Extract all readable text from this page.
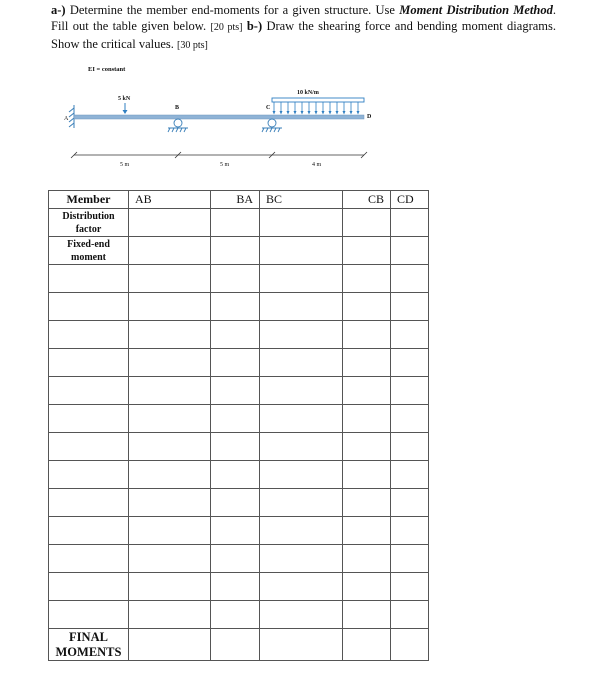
a-) Determine the member end-moments for a given structure. Use Moment Distribution Method. Fill out the table given below. [20 pts] b-) Draw the shearing force and bending moment diagrams. Show the critical values. [30 pts]
EI = constant
A
5 kN
B	C
10 kN/m
D
5 m	5 m	4 m
Member	AB	BA	BC	CB	CD
Distribution factor					
Fixed-end moment					

FINAL MOMENTS					
